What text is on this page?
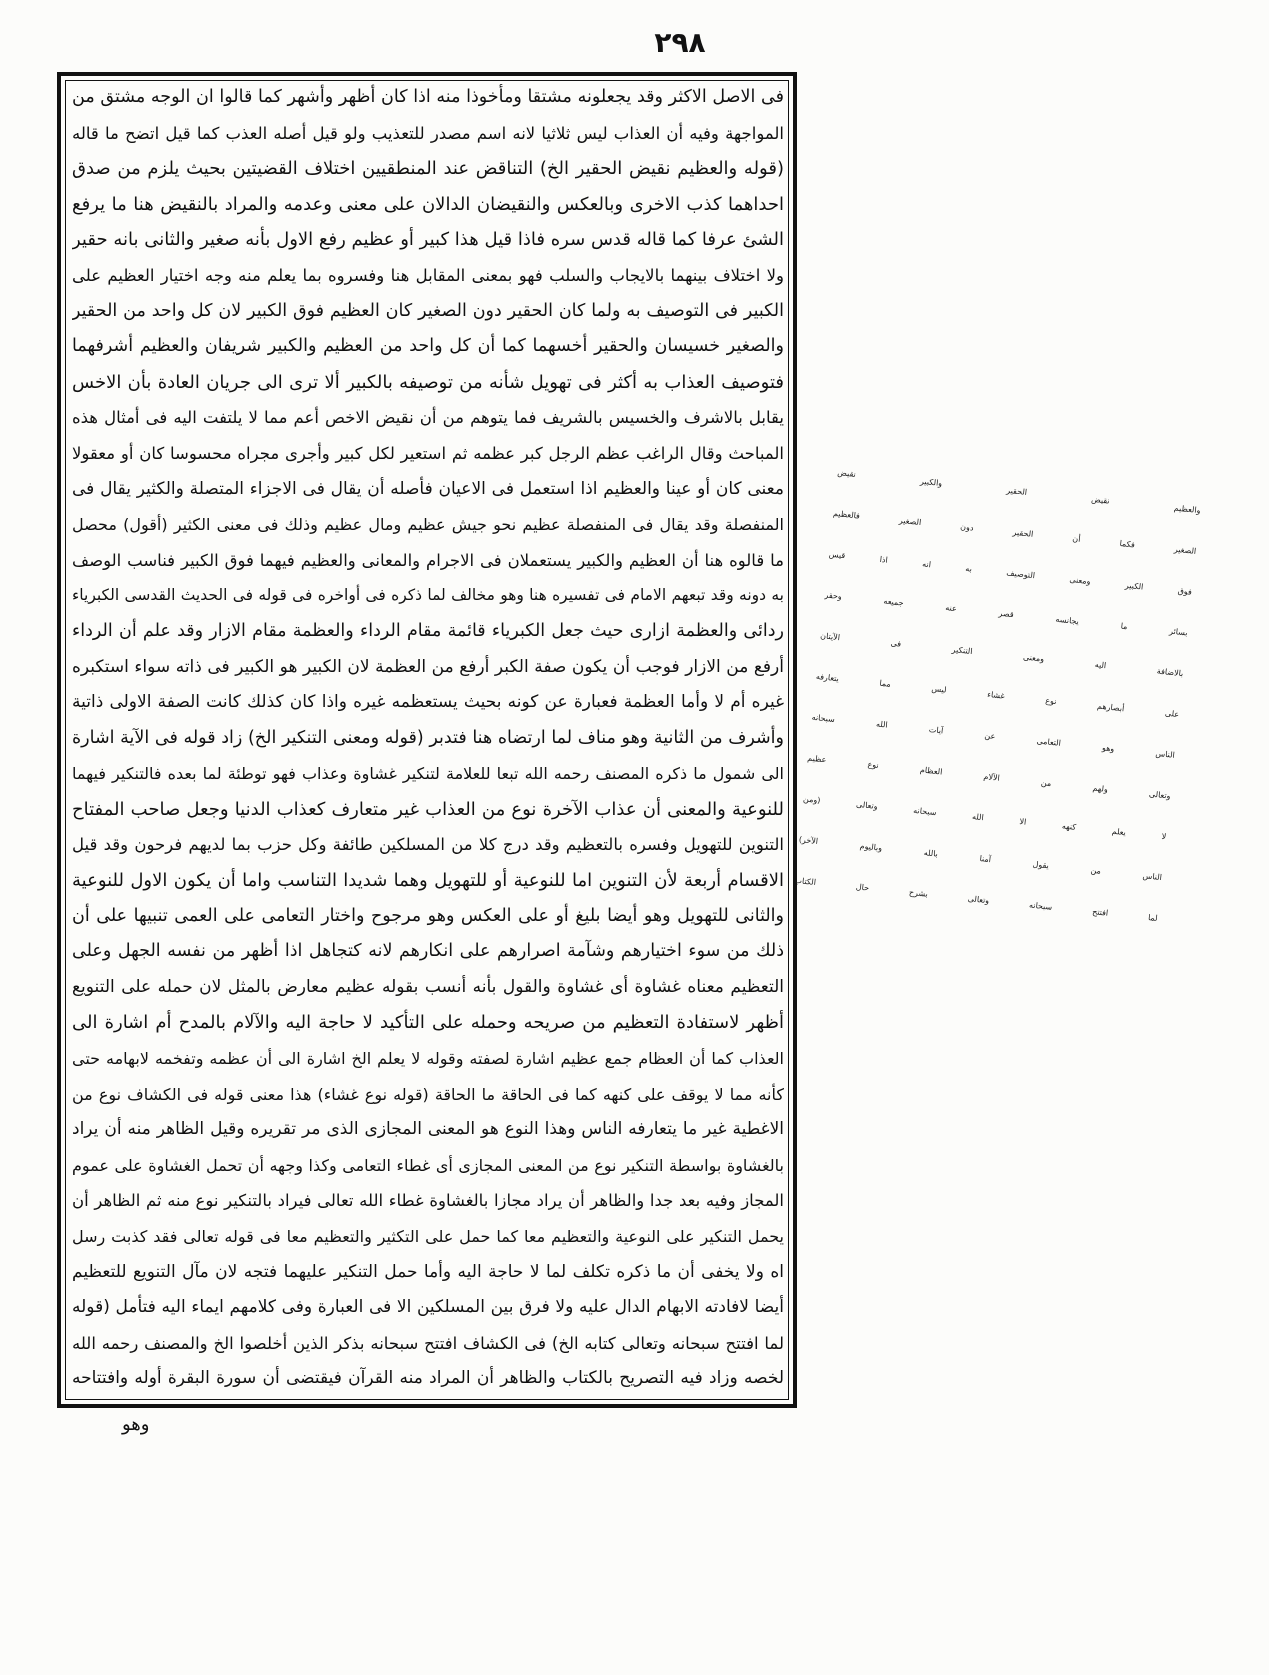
٢٩٨
فى الاصل الاكثر وقد يجعلونه مشتقا ومأخوذا منه اذا كان أظهر وأشهر كما قالوا ان الوجه مشتق من
المواجهة وفيه أن العذاب ليس ثلاثيا لانه اسم مصدر للتعذيب ولو قيل أصله العذب كما قيل اتضح ما قاله
(قوله والعظيم نقيض الحقير الخ) التناقض عند المنطقيين اختلاف القضيتين بحيث يلزم من صدق
احداهما كذب الاخرى وبالعكس والنقيضان الدالان على معنى وعدمه والمراد بالنقيض هنا ما يرفع
الشئ عرفا كما قاله قدس سره فاذا قيل هذا كبير أو عظيم رفع الاول بأنه صغير والثانى بانه حقير
ولا اختلاف بينهما بالايجاب والسلب فهو بمعنى المقابل هنا وفسروه بما يعلم منه وجه اختيار العظيم على
الكبير فى التوصيف به ولما كان الحقير دون الصغير كان العظيم فوق الكبير لان كل واحد من الحقير
والصغير خسيسان والحقير أخسهما كما أن كل واحد من العظيم والكبير شريفان والعظيم أشرفهما
فتوصيف العذاب به أكثر فى تهويل شأنه من توصيفه بالكبير ألا ترى الى جريان العادة بأن الاخس
يقابل بالاشرف والخسيس بالشريف فما يتوهم من أن نقيض الاخص أعم مما لا يلتفت اليه فى أمثال هذه
المباحث وقال الراغب عظم الرجل كبر عظمه ثم استعير لكل كبير وأجرى مجراه محسوسا كان أو معقولا
معنى كان أو عينا والعظيم اذا استعمل فى الاعيان فأصله أن يقال فى الاجزاء المتصلة والكثير يقال فى
المنفصلة وقد يقال فى المنفصلة عظيم نحو جيش عظيم ومال عظيم وذلك فى معنى الكثير (أقول) محصل
ما قالوه هنا أن العظيم والكبير يستعملان فى الاجرام والمعانى والعظيم فيهما فوق الكبير فناسب الوصف
به دونه وقد تبعهم الامام فى تفسيره هنا وهو مخالف لما ذكره فى أواخره فى قوله فى الحديث القدسى الكبرياء
ردائى والعظمة ازارى حيث جعل الكبرياء قائمة مقام الرداء والعظمة مقام الازار وقد علم أن الرداء
أرفع من الازار فوجب أن يكون صفة الكبر أرفع من العظمة لان الكبير هو الكبير فى ذاته سواء استكبره
غيره أم لا وأما العظمة فعبارة عن كونه بحيث يستعظمه غيره واذا كان كذلك كانت الصفة الاولى ذاتية
وأشرف من الثانية وهو مناف لما ارتضاه هنا فتدبر (قوله ومعنى التنكير الخ) زاد قوله فى الآية اشارة
الى شمول ما ذكره المصنف رحمه الله تبعا للعلامة لتنكير غشاوة وعذاب فهو توطئة لما بعده فالتنكير فيهما
للنوعية والمعنى أن عذاب الآخرة نوع من العذاب غير متعارف كعذاب الدنيا وجعل صاحب المفتاح
التنوين للتهويل وفسره بالتعظيم وقد درج كلا من المسلكين طائفة وكل حزب بما لديهم فرحون وقد قيل
الاقسام أربعة لأن التنوين اما للنوعية أو للتهويل وهما شديدا التناسب واما أن يكون الاول للنوعية
والثانى للتهويل وهو أيضا بليغ أو على العكس وهو مرجوح واختار التعامى على العمى تنبيها على أن
ذلك من سوء اختيارهم وشآمة اصرارهم على انكارهم لانه كتجاهل اذا أظهر من نفسه الجهل وعلى
التعظيم معناه غشاوة أى غشاوة والقول بأنه أنسب بقوله عظيم معارض بالمثل لان حمله على التنويع
أظهر لاستفادة التعظيم من صريحه وحمله على التأكيد لا حاجة اليه والآلام بالمدح أم اشارة الى
العذاب كما أن العظام جمع عظيم اشارة لصفته وقوله لا يعلم الخ اشارة الى أن عظمه وتفخمه لابهامه حتى
كأنه مما لا يوقف على كنهه كما فى الحاقة ما الحاقة (قوله نوع غشاء) هذا معنى قوله فى الكشاف نوع من
الاغطية غير ما يتعارفه الناس وهذا النوع هو المعنى المجازى الذى مر تقريره وقيل الظاهر منه أن يراد
بالغشاوة بواسطة التنكير نوع من المعنى المجازى أى غطاء التعامى وكذا وجهه أن تحمل الغشاوة على عموم
المجاز وفيه بعد جدا والظاهر أن يراد مجازا بالغشاوة غطاء الله تعالى فيراد بالتنكير نوع منه ثم الظاهر أن
يحمل التنكير على النوعية والتعظيم معا كما حمل على التكثير والتعظيم معا فى قوله تعالى فقد كذبت رسل
اه ولا يخفى أن ما ذكره تكلف لما لا حاجة اليه وأما حمل التنكير عليهما فتجه لان مآل التنويع للتعظيم
أيضا لافادته الابهام الدال عليه ولا فرق بين المسلكين الا فى العبارة وفى كلامهم ايماء اليه فتأمل (قوله
لما افتتح سبحانه وتعالى كتابه الخ) فى الكشاف افتتح سبحانه بذكر الذين أخلصوا الخ والمصنف رحمه الله
لخصه وزاد فيه التصريح بالكتاب والظاهر أن المراد منه القرآن فيقتضى أن سورة البقرة أوله وافتتاحه
والعظيم نقيض الحقير والكبير نقيض
الصغير فكما أن الحقير دون الصغير فالعظيم
فوق الكبير ومعنى التوصيف به انه اذا قيس
بسائر ما يجانسه قصر عنه جميعه وحقر
بالاضافة اليه ومعنى التنكير فى الآيتان
على أبصارهم نوع غشاء ليس مما يتعارفه
الناس وهو التعامى عن آيات الله سبحانه
وتعالى ولهم من الآلام العظام نوع عظيم
لا يعلم كنهه الا الله سبحانه وتعالى (ومن
الناس من يقول آمنا بالله وباليوم الآخر)
لما افتتح سبحانه وتعالى بشرح حال الكتاب
وهو
